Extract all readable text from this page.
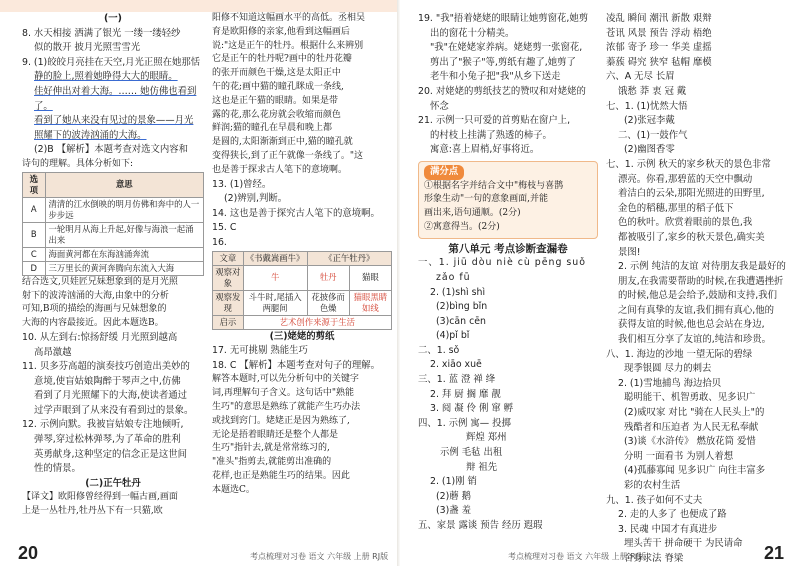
(一)

8. 水天相接 洒满了银光 一缕一缕轻纱

似的散开 披月光照雪雪光

9. (1)皎皎月亮挂在天空,月光正照在她那恬

静的脸上,照着她睁得大大的眼睛。

佳好伸出对着大海。…… 她仿佛也看到了。

看到了她从来没有见过的景象——月光

照耀下的波涛汹涌的大海。

(2)B 【解析】本题考查对选文内容和

诗句的理解。具体分析如下:

选项	意思
A	清清的江水倒映的明月仿佛和奔中的人一步步远
B	一轮明月从海上升起,好像与海浪一起涌出来
C	海面黄河都在东海汹涌奔流
D	三万里长的黄河奔腾向东流入大海

结合选文,贝娃匠兄妹想象到的是月光照

射下的波涛汹涌的大海,由象中的分析

可知,B项的描绘的海画与兄妹想象的

大海的内容最接近。因此本题选B。

10. 从左到右:惊扬舒缓 月光照到越高

高昂激越

11. 贝多芬高超的演奏技巧创造出美妙的

意境,使盲姑娘陶醉于琴声之中,仿佛

看到了月光照耀下的大海,使读者通过

过学声眼到了从来没有看到过的景象。

12. 示例向默。我被盲姑娘专注地倾听,

弹琴,穿过松林弹琴,为了革命的胜利

英勇献身,这种坚定的信念正是这世间

性的情景。

(二)正午牡丹

【译文】欧阳修曾经得到一幅古画,画面

上是一丛牡丹,牡丹丛下有一只猫,欧

阳修不知道这幅画水平的高低。丞相吴

育是欧阳修的亲家,他看到这幅画后

说:"这是正午的牡丹。根据什么来辨别

它是正午的牡丹呢?画中的牡丹花瓣

的张开而颜色干燥,这是太阳正中

午的花;画中猫的瞳孔眯成一条线,

这也是正午猫的眼睛。如果是带

露的花,那么花房就会收缩而颜色

鲜润;猫的瞳孔在早晨和晚上都

是圆的,太阳渐渐到正中,猫的瞳孔就

变得狭长,到了正午就像一条线了。"这

也是善于探求古人笔下的意境啊。

13. (1)曾经。

(2)辨别,判断。

14. 这也是善于探究古人笔下的意境啊。

15. C

16.

文章	《书戴嵩画牛》	《正午牡丹》	
观察对象	牛	牡丹	猫眼
观察发现	斗牛时,尾插入两腿间	花披侈而色燥	猫眼黑睛如线
启示	艺术创作来源于生活		

(三)姥姥的剪纸

17. 无可挑剔 熟能生巧

18. C 【解析】本题考查对句子的理解。

解答本题时,可以先分析句中的关键字

词,再理解句子含义。这句话中"熟能

生巧"的意思是熟练了就能产生巧办法

或找到窍门。姥姥正是因为熟练了,

无论是捂着眼睛还是整个人都是

生巧"指针去,就是常常练习的,

"准头"指剪去,就能剪出准确的

花样,也正是熟能生巧的结果。因此

本题选C。

20	考点梳理对习卷 语文 六年级 上册 RJ版

19. "我"捂着姥姥的眼睛让她剪窗花,她剪

出的窗花十分精美。

"我"在姥姥家养病。姥姥剪一张窗花,

剪出了"猴子"等,剪纸有趣了,她剪了

老牛和小兔子把"我"从乡下送走

20. 对姥姥的剪纸技艺的赞叹和对姥姥的

怀念

21. 示例一只可爱的首剪贴在窗户上,

的村枝上挂满了熟透的柿子。

寓意:喜上眉梢,好事将近。

满分点

①根据名字并结合文中"梅枝与喜鹊

形象生动"一句的意象画面,并能

画出来,语句通顺。(2分)

②寓意得当。(2分)

第八单元 考点诊断查漏卷

一、1. jiū dòu niè cù pēng suǒ

zǎo fū

2. (1)shì shì

(2)bìng bǐn

(3)cān cēn

(4)pǐ bǐ

二、1. sǒ

2. xiāo xuē

三、1. 蓝 澄 禅 绛

2. 拜 厨 搁 靡 靓

3. 阅 凝 伶 俐 窜 孵

四、1. 示例 寓— 投掷

辉煌 郑州

示例 毛毡 出租

辩 祖先

2. (1)刚 销

(2)蘑 鹅

(3)盏 羞

五、家景 露谈 预告 经历 遐瑕

凌乱 瞬间 潮汛 新散 艰辩

苍讯 风景 预告 浮动 梧绝

浓郁 寄予 珍一 华美 虚摇

蓁蔟 碍究 狭窄 毡帽 靡模

六、A 无尽 长眉

饿愁 莽 衷 冠 戴

七、1. (1)忧然大悟

(2)张冠李戴

二、(1)一鼓作气

(2)幽图香零

七、1. 示例 秋天的家乡秋天的景色非常

漂亮。你看,那碧蓝的天空中飘动

着洁白的云朵,那阳光照进的田野里,

金色的稻穗,那里的稻子低下

色的秋叶。欣赏着眼前的景色,我

都被吸引了,家乡的秋天景色,确实美

景图!

2. 示例 纯洁的友谊 对待朋友我是最好的

朋友,在我需要帮助的时候,在我遭遇挫折

的时候,他总是会给予,鼓励和支持,我们

之间有真挚的友谊,我们拥有真心,他的

获得友谊的时候,他也总会站在身边,

我们相互分享了友谊的,纯洁和珍贵。

八、1. 海边的沙地 一望无际的碧绿

现季银圆 尽力的刺去

2. (1)雪地捕鸟 海边拾贝

聪明能干、机智勇敢、见多识广

(2)威叹家 对比 "骑在人民头上"的

残酷者和压迫者 为人民无私奉献

(3)谈《水浒传》 燃放花筒 爱惜

分明 一面看书 为别人着想

(4)孤藤寡闻 见多识广 向往丰富多

彩的农村生活

九、1. 孩子如何不丈夫

2. 走的人多了 也便成了路

3. 民魂 中国才有真进步

埋头苦干 拼命硬干 为民请命

舍身求法 脊梁

考点梳理对习卷 语文 六年级 上册 RJ版	21
